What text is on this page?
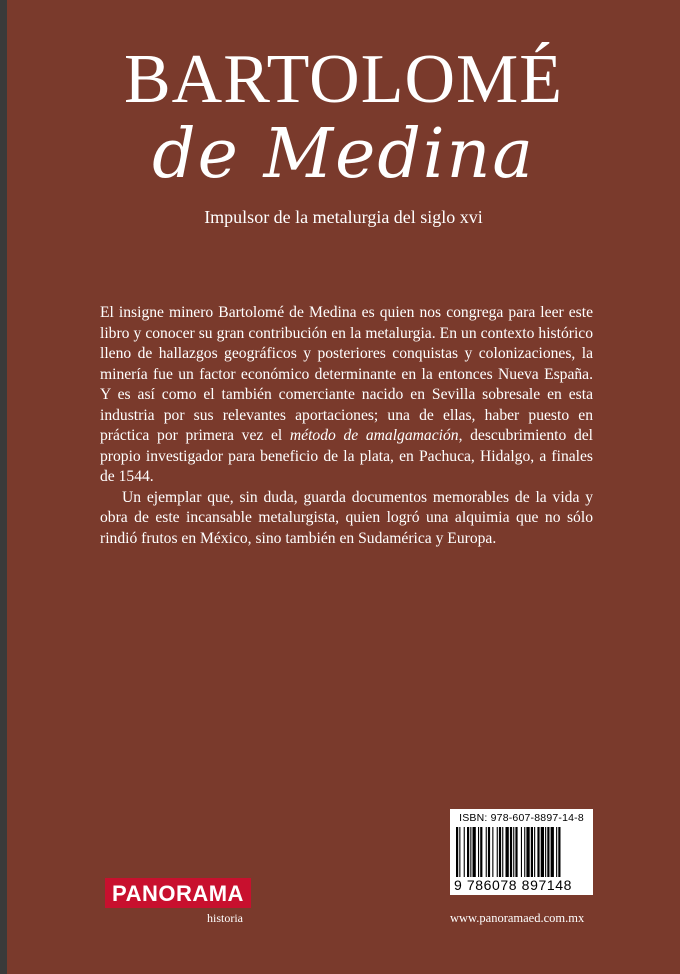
BARTOLOMÉ
de Medina
Impulsor de la metalurgia del siglo xvi

El insigne minero Bartolomé de Medina es quien nos congrega para leer este libro y conocer su gran contribución en la metalurgia. En un contexto histórico lleno de hallazgos geográficos y posteriores conquistas y colonizaciones, la minería fue un factor económico determinante en la entonces Nueva España. Y es así como el también comerciante nacido en Sevilla sobresale en esta industria por sus relevantes aportaciones; una de ellas, haber puesto en práctica por primera vez el método de amalgamación, descubrimiento del propio investigador para beneficio de la plata, en Pachuca, Hidalgo, a finales de 1544.

Un ejemplar que, sin duda, guarda documentos memorables de la vida y obra de este incansable metalurgista, quien logró una alquimia que no sólo rindió frutos en México, sino también en Sudamérica y Europa.

ISBN: 978-607-8897-14-8
9 786078 897148
PANORAMA
historia	www.panoramaed.com.mx
